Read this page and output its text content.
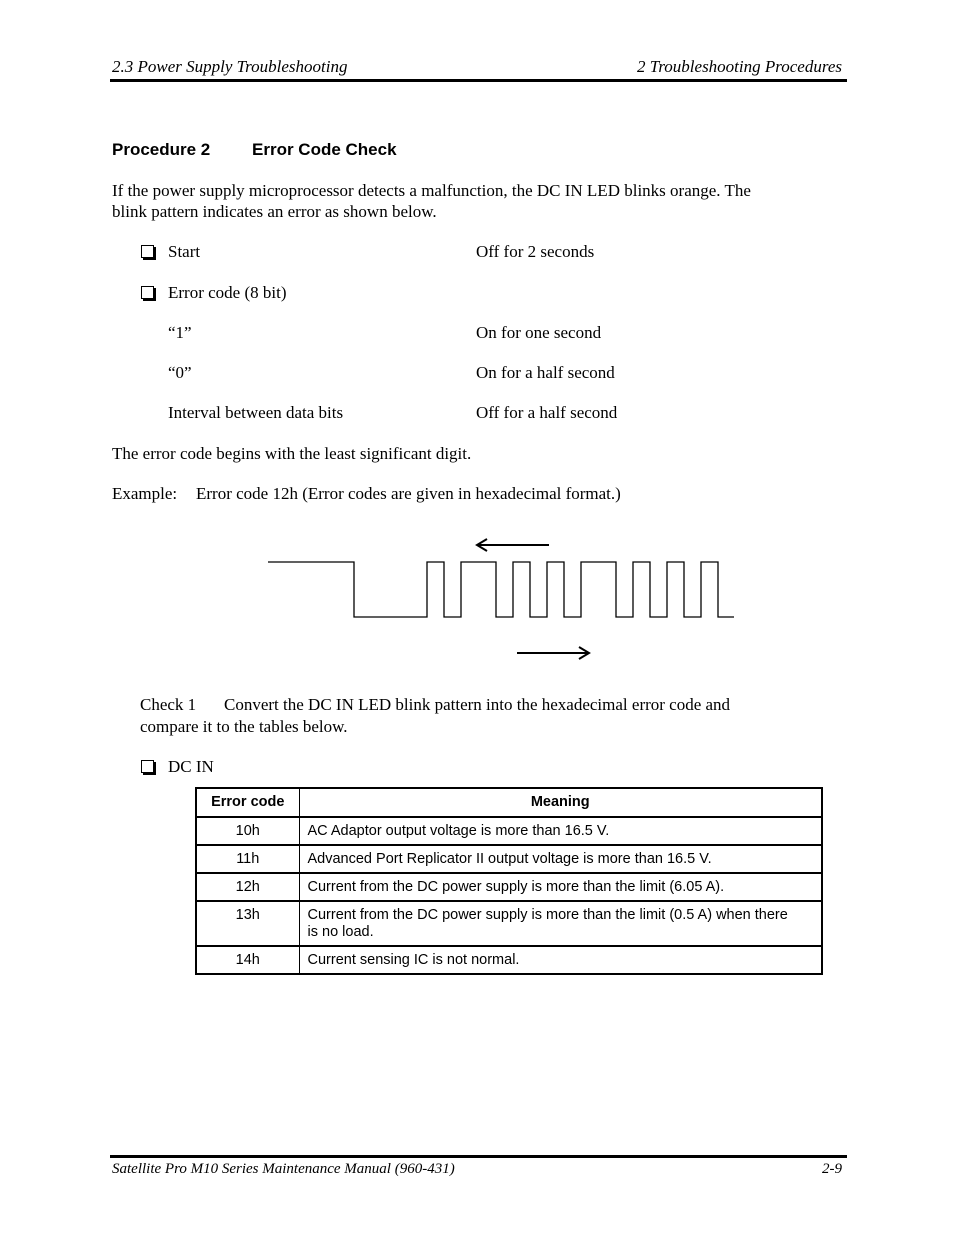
2.3 Power Supply Troubleshooting	2 Troubleshooting Procedures
Procedure 2 Error Code Check
If the power supply microprocessor detects a malfunction, the DC IN LED blinks orange. The
blink pattern indicates an error as shown below.
Start	Off for 2 seconds
Error code (8 bit)
“1”	On for one second
“0”	On for a half second
Interval between data bits	Off for a half second
The error code begins with the least significant digit.
Example: Error code 12h (Error codes are given in hexadecimal format.)
Check 1 Convert the DC IN LED blink pattern into the hexadecimal error code and
compare it to the tables below.
DC IN
Error code	Meaning
10h	AC Adaptor output voltage is more than 16.5 V.
11h	Advanced Port Replicator II output voltage is more than 16.5 V.
12h	Current from the DC power supply is more than the limit (6.05 A).
13h	Current from the DC power supply is more than the limit (0.5 A) when there is no load.
14h	Current sensing IC is not normal.
Satellite Pro M10 Series Maintenance Manual (960-431)	2-9
